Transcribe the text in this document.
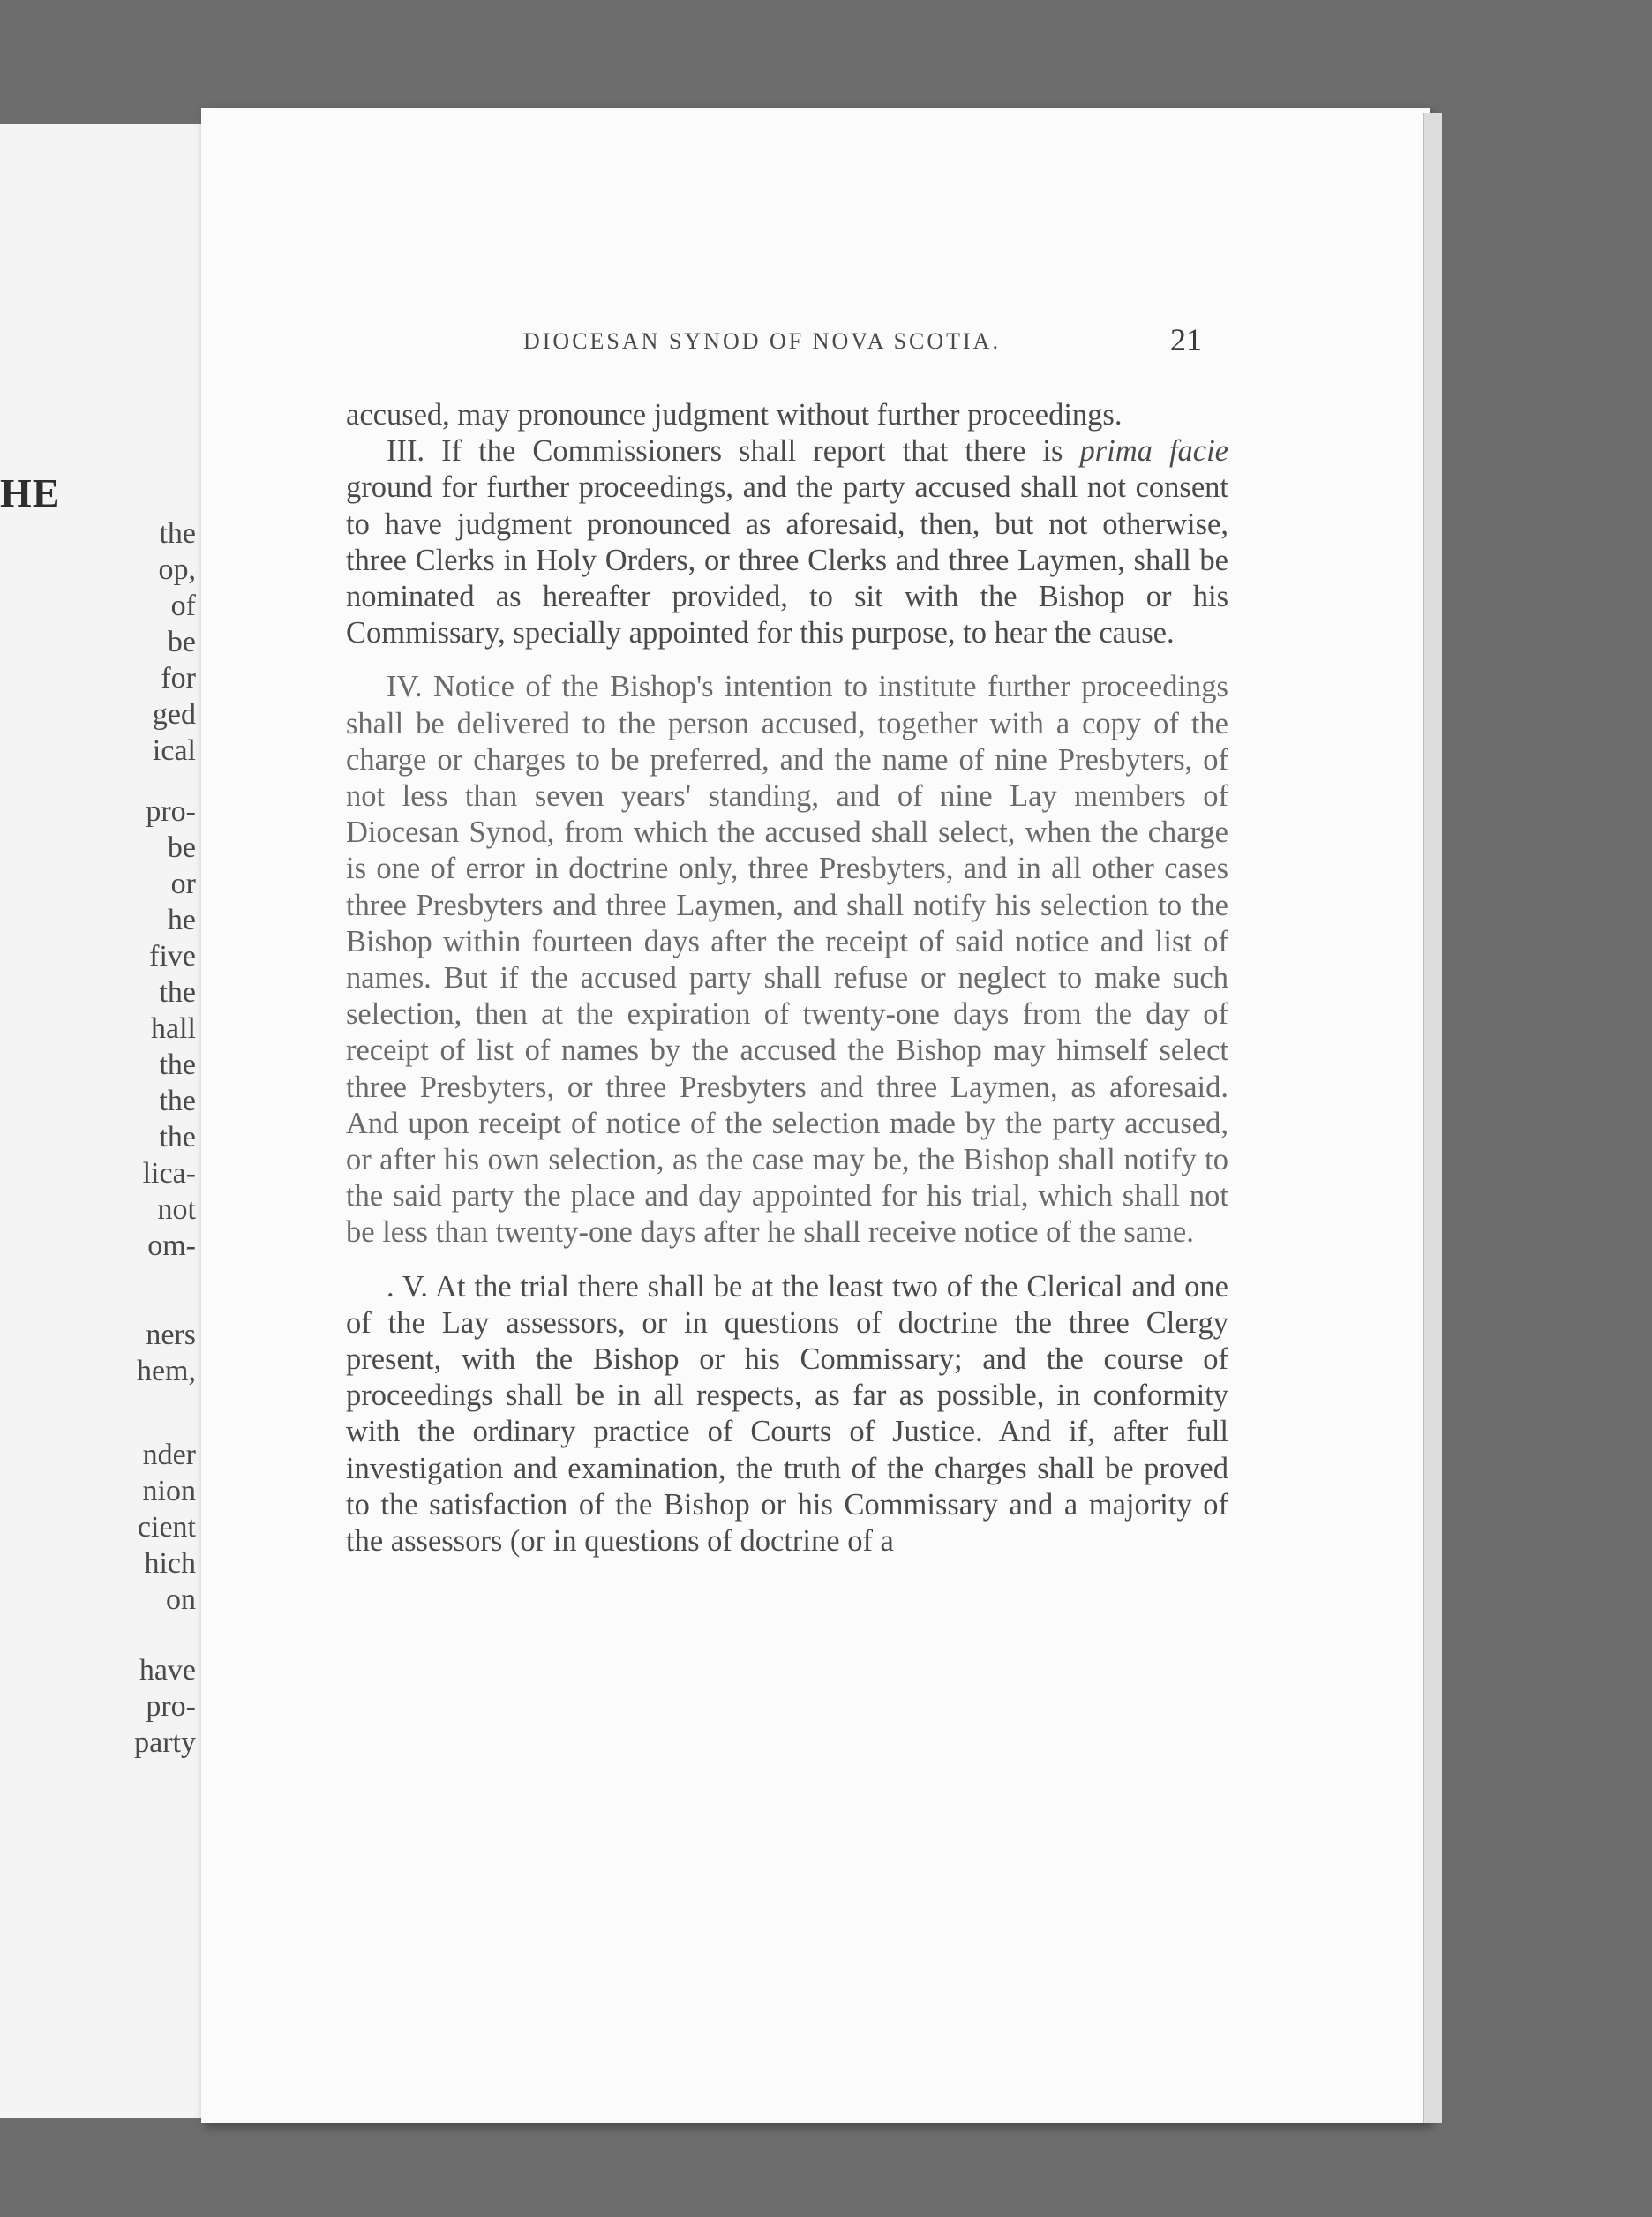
HE
the
op,
of
be
for
ged
ical
pro-
be
or
he
five
the
hall
the
the
the
lica-
not
om-
ners
hem,
nder
nion
cient
hich
on
have
pro-
party
DIOCESAN SYNOD OF NOVA SCOTIA.	21

accused, may pronounce judgment without further proceedings.

III. If the Commissioners shall report that there is prima facie ground for further proceedings, and the party accused shall not consent to have judgment pronounced as aforesaid, then, but not otherwise, three Clerks in Holy Orders, or three Clerks and three Laymen, shall be nominated as hereafter provided, to sit with the Bishop or his Commissary, specially appointed for this purpose, to hear the cause.

IV. Notice of the Bishop's intention to institute further proceedings shall be delivered to the person accused, together with a copy of the charge or charges to be preferred, and the name of nine Presbyters, of not less than seven years' standing, and of nine Lay members of Diocesan Synod, from which the accused shall select, when the charge is one of error in doctrine only, three Presbyters, and in all other cases three Presbyters and three Laymen, and shall notify his selection to the Bishop within fourteen days after the receipt of said notice and list of names. But if the accused party shall refuse or neglect to make such selection, then at the expiration of twenty-one days from the day of receipt of list of names by the accused the Bishop may himself select three Presbyters, or three Presbyters and three Laymen, as aforesaid. And upon receipt of notice of the selection made by the party accused, or after his own selection, as the case may be, the Bishop shall notify to the said party the place and day appointed for his trial, which shall not be less than twenty-one days after he shall receive notice of the same.

. V. At the trial there shall be at the least two of the Clerical and one of the Lay assessors, or in questions of doctrine the three Clergy present, with the Bishop or his Commissary; and the course of proceedings shall be in all respects, as far as possible, in conformity with the ordinary practice of Courts of Justice. And if, after full investigation and examination, the truth of the charges shall be proved to the satisfaction of the Bishop or his Commissary and a majority of the assessors (or in questions of doctrine of a
